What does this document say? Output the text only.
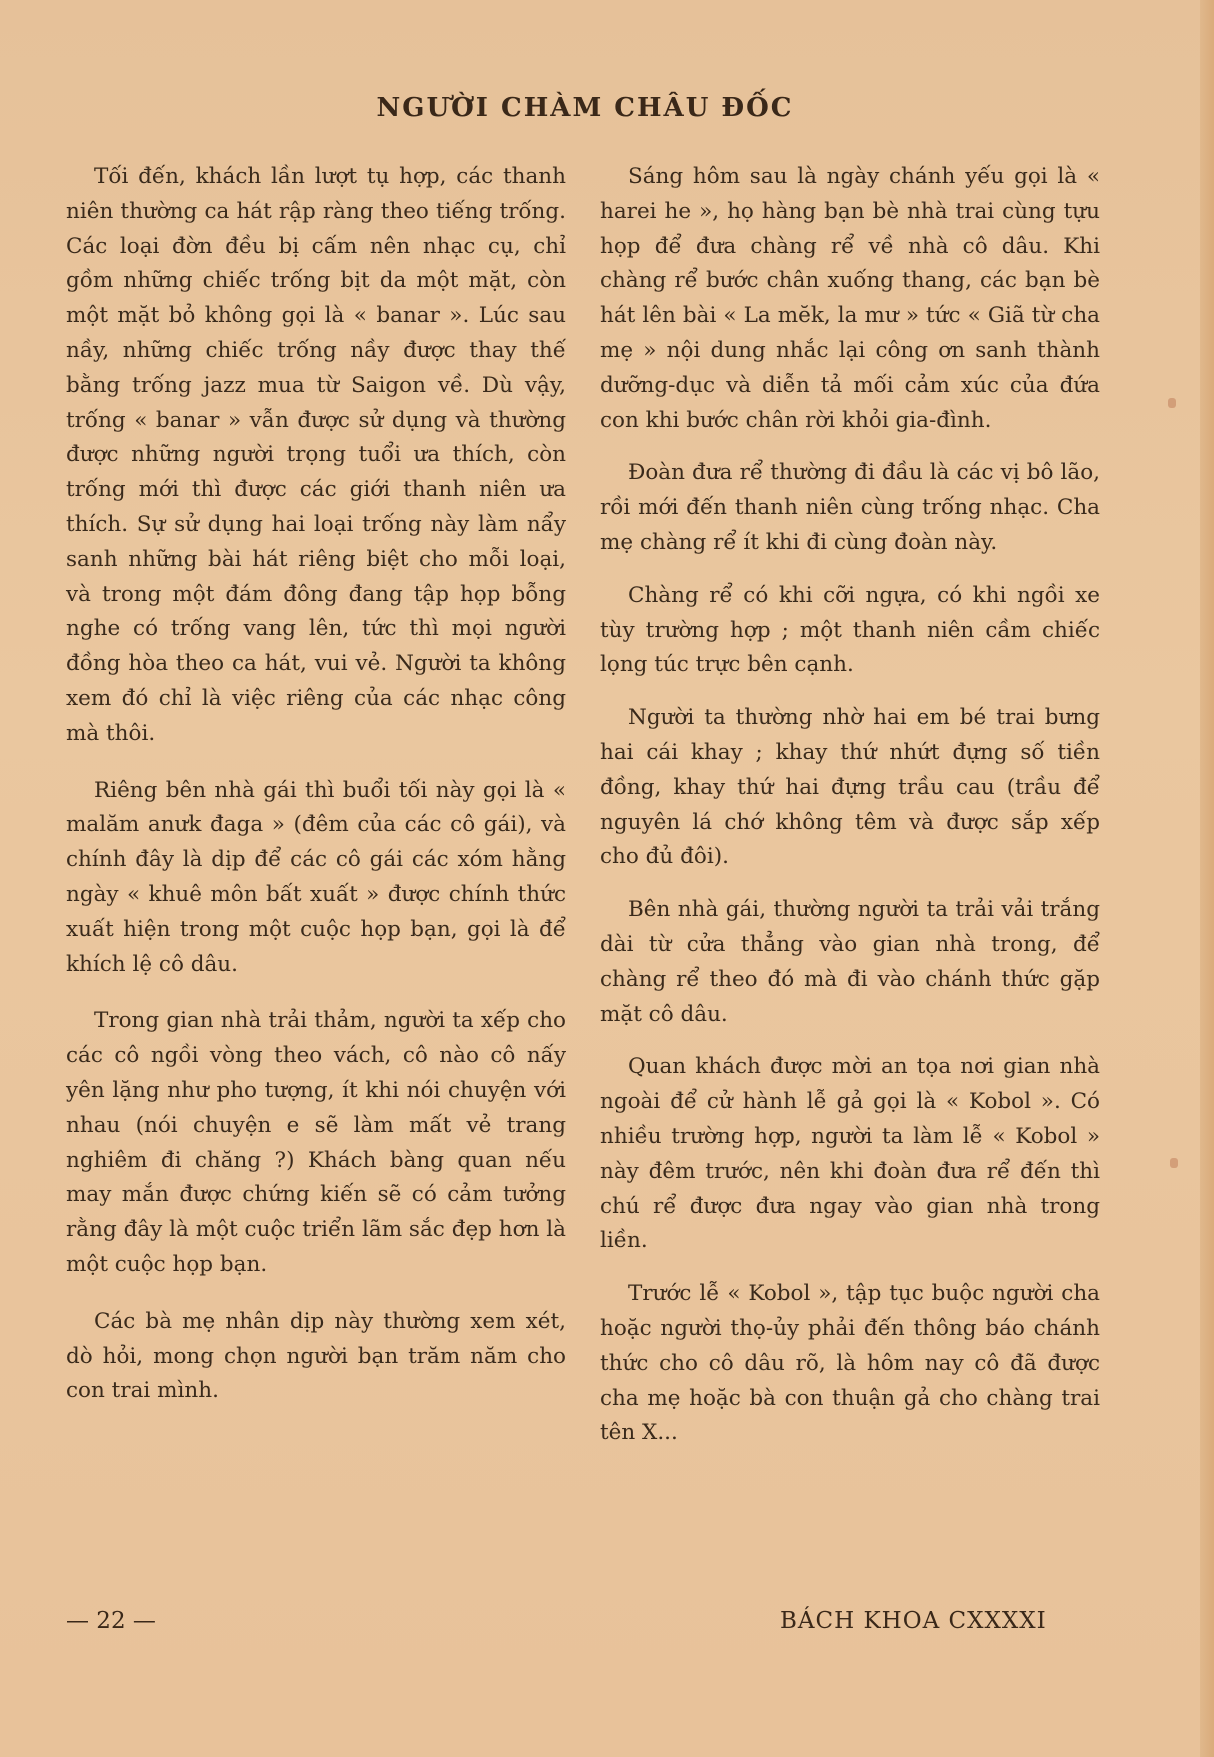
NGƯỜI CHÀM CHÂU ĐỐC

Tối đến, khách lần lượt tụ hợp, các thanh niên thường ca hát rập ràng theo tiếng trống. Các loại đờn đều bị cấm nên nhạc cụ, chỉ gồm những chiếc trống bịt da một mặt, còn một mặt bỏ không gọi là « banar ». Lúc sau nầy, những chiếc trống nầy được thay thế bằng trống jazz mua từ Saigon về. Dù vậy, trống « banar » vẫn được sử dụng và thường được những người trọng tuổi ưa thích, còn trống mới thì được các giới thanh niên ưa thích. Sự sử dụng hai loại trống này làm nẩy sanh những bài hát riêng biệt cho mỗi loại, và trong một đám đông đang tập họp bỗng nghe có trống vang lên, tức thì mọi người đồng hòa theo ca hát, vui vẻ. Người ta không xem đó chỉ là việc riêng của các nhạc công mà thôi.

Riêng bên nhà gái thì buổi tối này gọi là « malăm anưk đaga » (đêm của các cô gái), và chính đây là dịp để các cô gái các xóm hằng ngày « khuê môn bất xuất » được chính thức xuất hiện trong một cuộc họp bạn, gọi là để khích lệ cô dâu.

Trong gian nhà trải thảm, người ta xếp cho các cô ngồi vòng theo vách, cô nào cô nấy yên lặng như pho tượng, ít khi nói chuyện với nhau (nói chuyện e sẽ làm mất vẻ trang nghiêm đi chăng ?) Khách bàng quan nếu may mắn được chứng kiến sẽ có cảm tưởng rằng đây là một cuộc triển lãm sắc đẹp hơn là một cuộc họp bạn.

Các bà mẹ nhân dịp này thường xem xét, dò hỏi, mong chọn người bạn trăm năm cho con trai mình.

Sáng hôm sau là ngày chánh yếu gọi là « harei he », họ hàng bạn bè nhà trai cùng tựu họp để đưa chàng rể về nhà cô dâu. Khi chàng rể bước chân xuống thang, các bạn bè hát lên bài « La mĕk, la mư » tức « Giã từ cha mẹ » nội dung nhắc lại công ơn sanh thành dưỡng-dục và diễn tả mối cảm xúc của đứa con khi bước chân rời khỏi gia-đình.

Đoàn đưa rể thường đi đầu là các vị bô lão, rồi mới đến thanh niên cùng trống nhạc. Cha mẹ chàng rể ít khi đi cùng đoàn này.

Chàng rể có khi cỡi ngựa, có khi ngồi xe tùy trường hợp ; một thanh niên cầm chiếc lọng túc trực bên cạnh.

Người ta thường nhờ hai em bé trai bưng hai cái khay ; khay thứ nhứt đựng số tiền đồng, khay thứ hai đựng trầu cau (trầu để nguyên lá chớ không têm và được sắp xếp cho đủ đôi).

Bên nhà gái, thường người ta trải vải trắng dài từ cửa thẳng vào gian nhà trong, để chàng rể theo đó mà đi vào chánh thức gặp mặt cô dâu.

Quan khách được mời an tọa nơi gian nhà ngoài để cử hành lễ gả gọi là « Kobol ». Có nhiều trường hợp, người ta làm lễ « Kobol » này đêm trước, nên khi đoàn đưa rể đến thì chú rể được đưa ngay vào gian nhà trong liền.

Trước lễ « Kobol », tập tục buộc người cha hoặc người thọ-ủy phải đến thông báo chánh thức cho cô dâu rõ, là hôm nay cô đã được cha mẹ hoặc bà con thuận gả cho chàng trai tên X...

— 22 —	BÁCH KHOA CXXXXI
